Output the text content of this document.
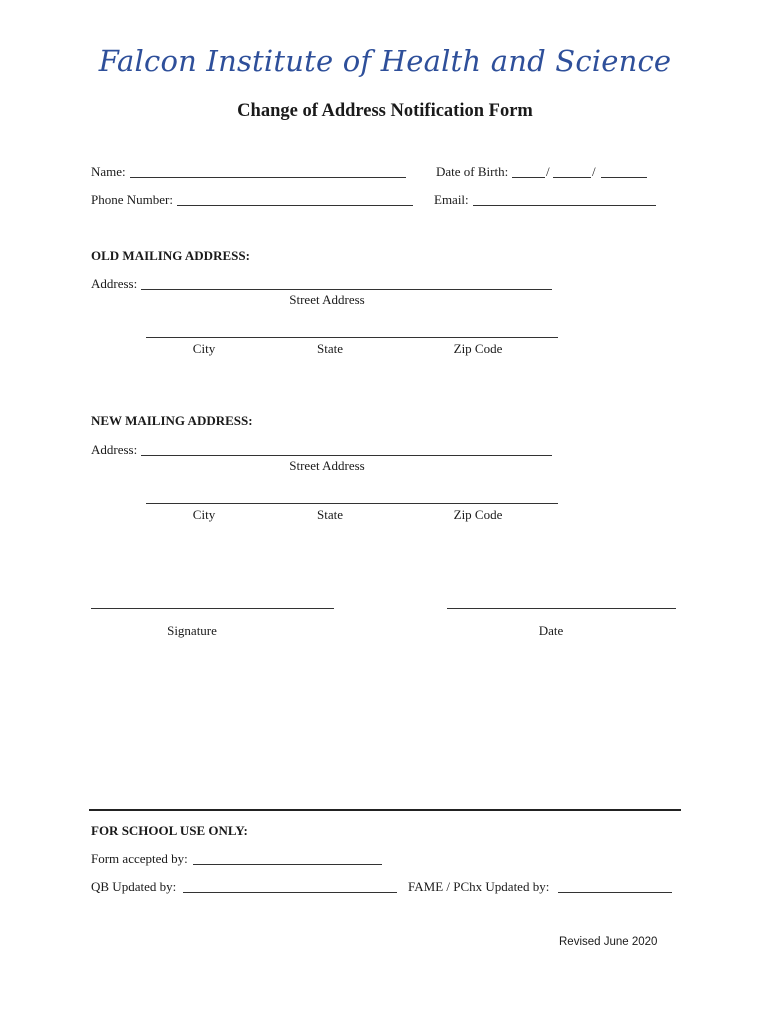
Falcon Institute of Health and Science
Change of Address Notification Form
Name:	Date of Birth:	/	/
Phone Number:	Email:
OLD MAILING ADDRESS:
Address:
Street Address
City	State	Zip Code
NEW MAILING ADDRESS:
Address:
Street Address
City	State	Zip Code
Signature	Date
FOR SCHOOL USE ONLY:
Form accepted by:
QB Updated by:	FAME / PChx Updated by:
Revised June 2020
